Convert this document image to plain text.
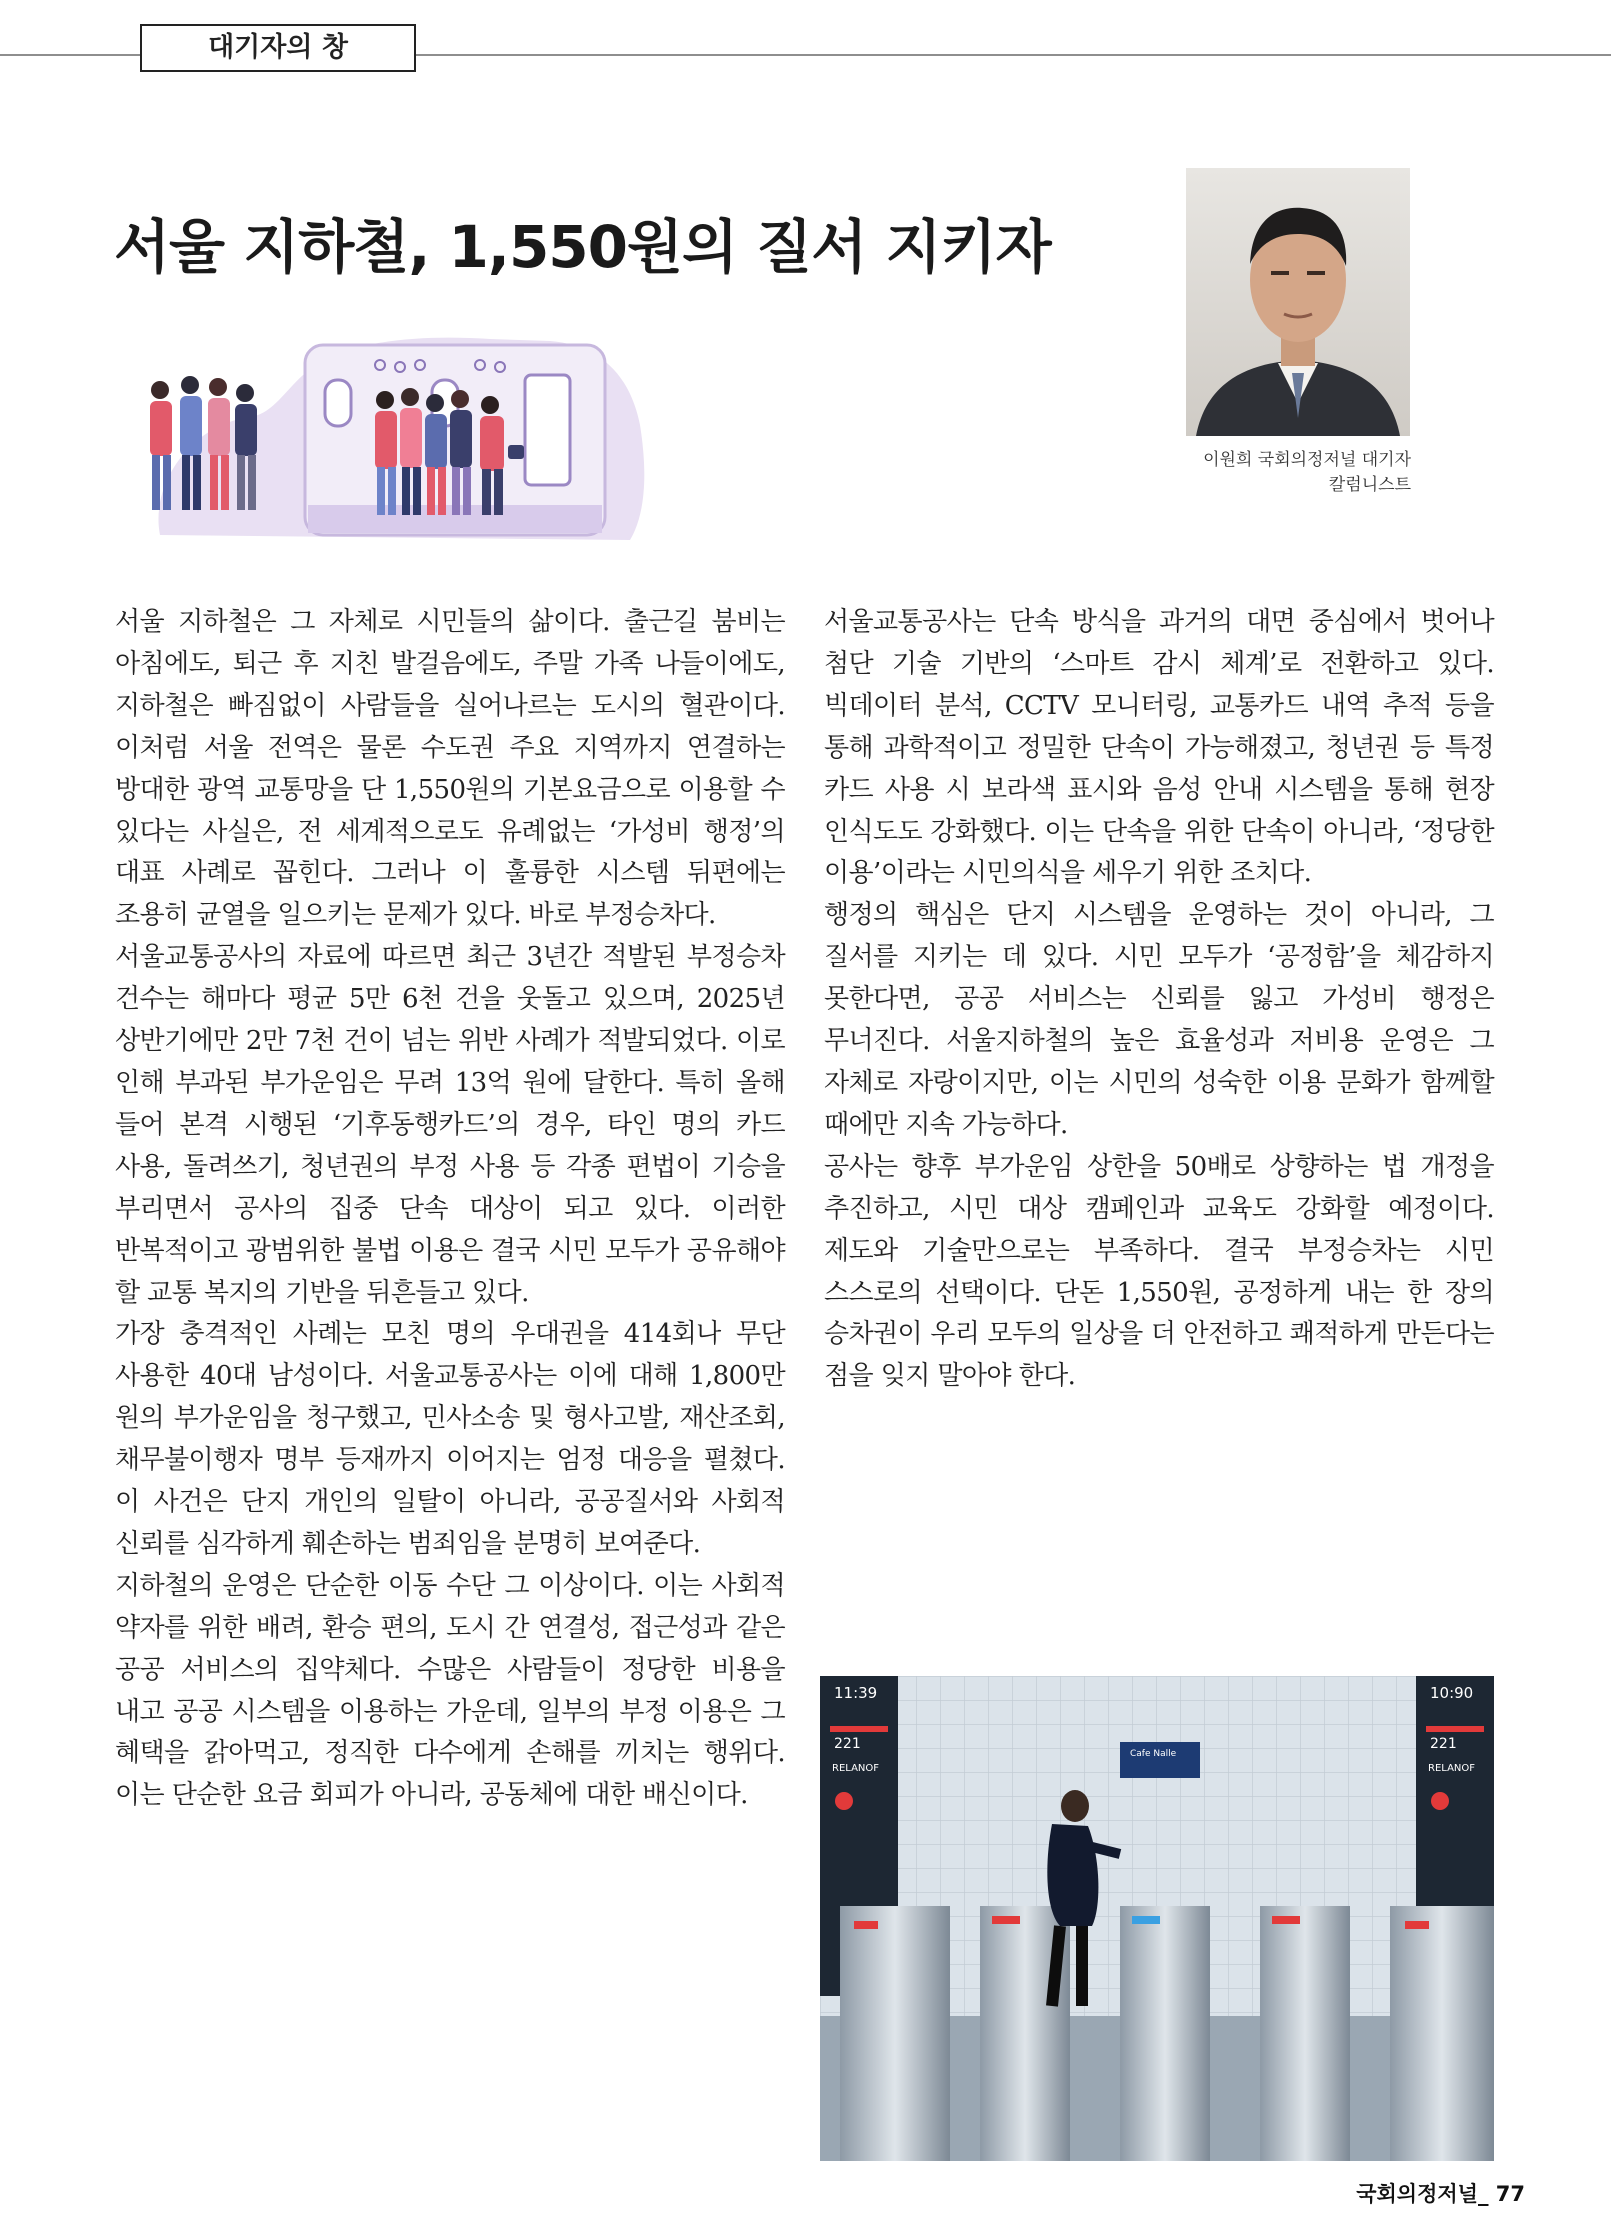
대기자의 창
서울 지하철, 1,550원의 질서 지키자
이원희 국회의정저널 대기자
칼럼니스트

서울 지하철은 그 자체로 시민들의 삶이다. 출근길 붐비는 아침에도, 퇴근 후 지친 발걸음에도, 주말 가족 나들이에도, 지하철은 빠짐없이 사람들을 실어나르는 도시의 혈관이다. 이처럼 서울 전역은 물론 수도권 주요 지역까지 연결하는 방대한 광역 교통망을 단 1,550원의 기본요금으로 이용할 수 있다는 사실은, 전 세계적으로도 유례없는 ‘가성비 행정’의 대표 사례로 꼽힌다. 그러나 이 훌륭한 시스템 뒤편에는 조용히 균열을 일으키는 문제가 있다. 바로 부정승차다.

서울교통공사의 자료에 따르면 최근 3년간 적발된 부정승차 건수는 해마다 평균 5만 6천 건을 웃돌고 있으며, 2025년 상반기에만 2만 7천 건이 넘는 위반 사례가 적발되었다. 이로 인해 부과된 부가운임은 무려 13억 원에 달한다. 특히 올해 들어 본격 시행된 ‘기후동행카드’의 경우, 타인 명의 카드 사용, 돌려쓰기, 청년권의 부정 사용 등 각종 편법이 기승을 부리면서 공사의 집중 단속 대상이 되고 있다. 이러한 반복적이고 광범위한 불법 이용은 결국 시민 모두가 공유해야 할 교통 복지의 기반을 뒤흔들고 있다.

가장 충격적인 사례는 모친 명의 우대권을 414회나 무단 사용한 40대 남성이다. 서울교통공사는 이에 대해 1,800만 원의 부가운임을 청구했고, 민사소송 및 형사고발, 재산조회, 채무불이행자 명부 등재까지 이어지는 엄정 대응을 펼쳤다. 이 사건은 단지 개인의 일탈이 아니라, 공공질서와 사회적 신뢰를 심각하게 훼손하는 범죄임을 분명히 보여준다.

지하철의 운영은 단순한 이동 수단 그 이상이다. 이는 사회적 약자를 위한 배려, 환승 편의, 도시 간 연결성, 접근성과 같은 공공 서비스의 집약체다. 수많은 사람들이 정당한 비용을 내고 공공 시스템을 이용하는 가운데, 일부의 부정 이용은 그 혜택을 갉아먹고, 정직한 다수에게 손해를 끼치는 행위다. 이는 단순한 요금 회피가 아니라, 공동체에 대한 배신이다.

서울교통공사는 단속 방식을 과거의 대면 중심에서 벗어나 첨단 기술 기반의 ‘스마트 감시 체계’로 전환하고 있다. 빅데이터 분석, CCTV 모니터링, 교통카드 내역 추적 등을 통해 과학적이고 정밀한 단속이 가능해졌고, 청년권 등 특정 카드 사용 시 보라색 표시와 음성 안내 시스템을 통해 현장 인식도도 강화했다. 이는 단속을 위한 단속이 아니라, ‘정당한 이용’이라는 시민의식을 세우기 위한 조치다.

행정의 핵심은 단지 시스템을 운영하는 것이 아니라, 그 질서를 지키는 데 있다. 시민 모두가 ‘공정함’을 체감하지 못한다면, 공공 서비스는 신뢰를 잃고 가성비 행정은 무너진다. 서울지하철의 높은 효율성과 저비용 운영은 그 자체로 자랑이지만, 이는 시민의 성숙한 이용 문화가 함께할 때에만 지속 가능하다.

공사는 향후 부가운임 상한을 50배로 상향하는 법 개정을 추진하고, 시민 대상 캠페인과 교육도 강화할 예정이다. 제도와 기술만으로는 부족하다. 결국 부정승차는 시민 스스로의 선택이다. 단돈 1,550원, 공정하게 내는 한 장의 승차권이 우리 모두의 일상을 더 안전하고 쾌적하게 만든다는 점을 잊지 말아야 한다.

11:39	10:90
221	221
RELANOF	RELANOF
Cafe Nalle
국회의정저널_ 77
